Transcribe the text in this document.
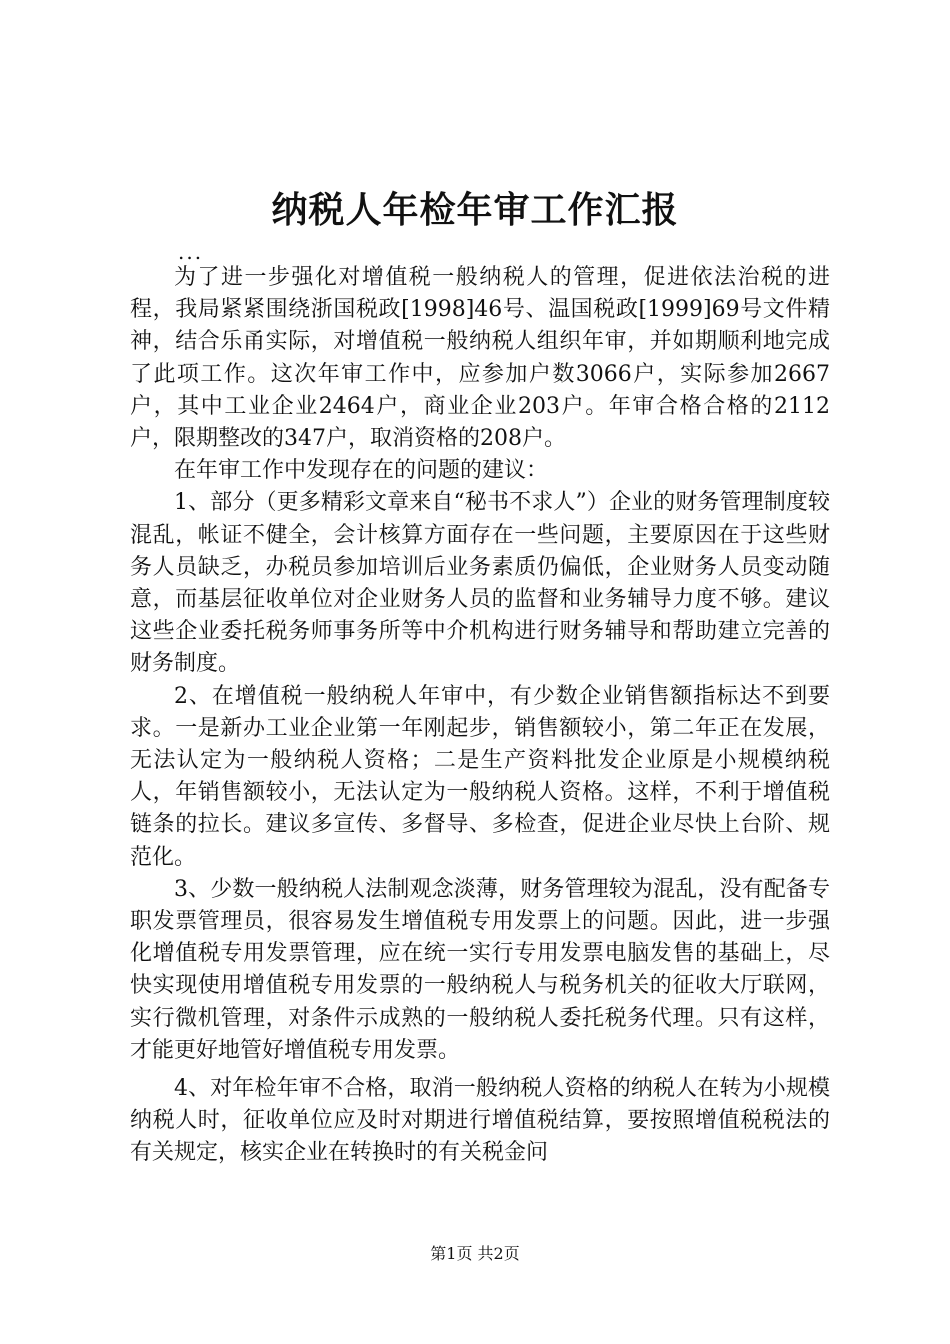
纳税人年检年审工作汇报
...

为了进一步强化对增值税一般纳税人的管理，促进依法治税的进程，我局紧紧围绕浙国税政[1998]46号、温国税政[1999]69号文件精神，结合乐甬实际，对增值税一般纳税人组织年审，并如期顺利地完成了此项工作。这次年审工作中，应参加户数3066户，实际参加2667户，其中工业企业2464户，商业企业203户。年审合格合格的2112户，限期整改的347户，取消资格的208户。

在年审工作中发现存在的问题的建议：

1、部分（更多精彩文章来自“秘书不求人”）企业的财务管理制度较混乱，帐证不健全，会计核算方面存在一些问题，主要原因在于这些财务人员缺乏，办税员参加培训后业务素质仍偏低，企业财务人员变动随意，而基层征收单位对企业财务人员的监督和业务辅导力度不够。建议这些企业委托税务师事务所等中介机构进行财务辅导和帮助建立完善的财务制度。

2、在增值税一般纳税人年审中，有少数企业销售额指标达不到要求。一是新办工业企业第一年刚起步，销售额较小，第二年正在发展，无法认定为一般纳税人资格；二是生产资料批发企业原是小规模纳税人，年销售额较小，无法认定为一般纳税人资格。这样，不利于增值税链条的拉长。建议多宣传、多督导、多检查，促进企业尽快上台阶、规范化。

3、少数一般纳税人法制观念淡薄，财务管理较为混乱，没有配备专职发票管理员，很容易发生增值税专用发票上的问题。因此，进一步强化增值税专用发票管理，应在统一实行专用发票电脑发售的基础上，尽快实现使用增值税专用发票的一般纳税人与税务机关的征收大厅联网，实行微机管理，对条件示成熟的一般纳税人委托税务代理。只有这样，才能更好地管好增值税专用发票。

4、对年检年审不合格，取消一般纳税人资格的纳税人在转为小规模纳税人时，征收单位应及时对期进行增值税结算，要按照增值税税法的有关规定，核实企业在转换时的有关税金问

第1页 共2页
